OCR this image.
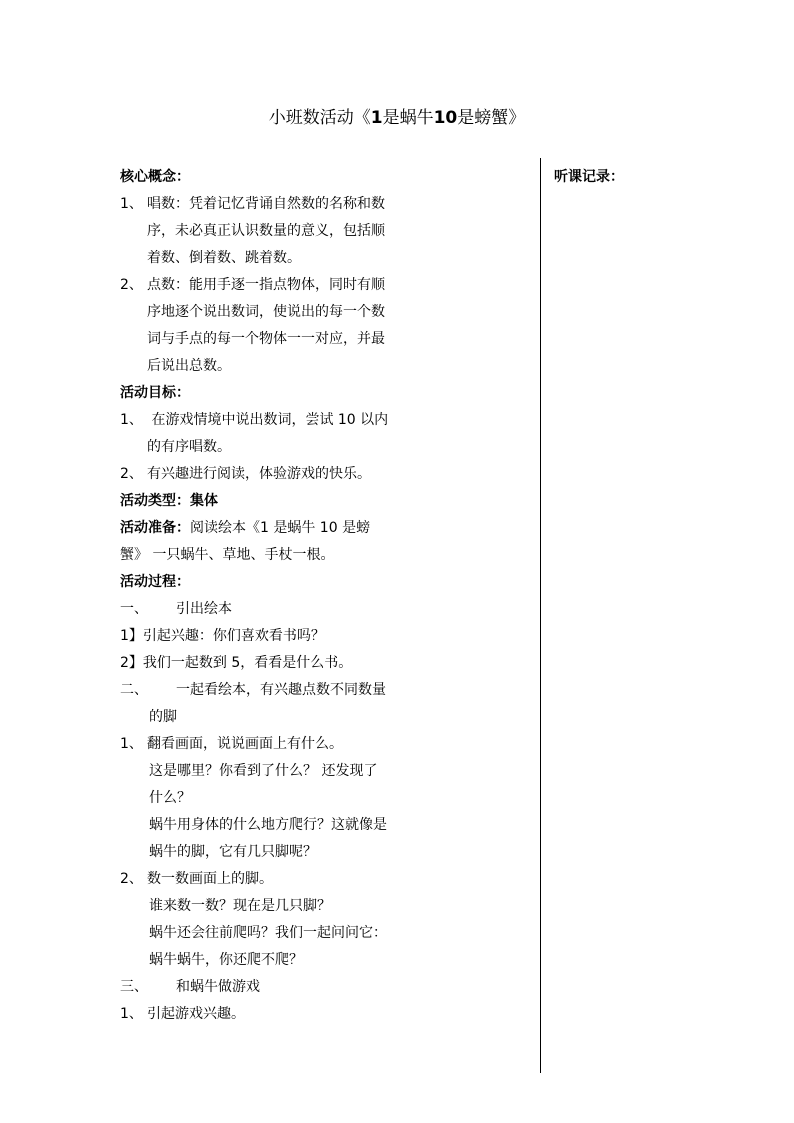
小班数活动《1是蜗牛10是螃蟹》
核心概念：
1、 唱数：凭着记忆背诵自然数的名称和数
序，未必真正认识数量的意义，包括顺
着数、倒着数、跳着数。
2、 点数：能用手逐一指点物体，同时有顺
序地逐个说出数词，使说出的每一个数
词与手点的每一个物体一一对应，并最
后说出总数。
活动目标：
1、 在游戏情境中说出数词，尝试 10 以内
的有序唱数。
2、 有兴趣进行阅读，体验游戏的快乐。
活动类型：集体
活动准备：阅读绘本《1 是蜗牛 10 是螃
蟹》 一只蜗牛、草地、手杖一根。
活动过程：
一、 引出绘本
1】引起兴趣：你们喜欢看书吗？
2】我们一起数到 5，看看是什么书。
二、 一起看绘本，有兴趣点数不同数量
的脚
1、 翻看画面，说说画面上有什么。
这是哪里？你看到了什么？ 还发现了
什么？
蜗牛用身体的什么地方爬行？这就像是
蜗牛的脚，它有几只脚呢？
2、 数一数画面上的脚。
谁来数一数？现在是几只脚？
蜗牛还会往前爬吗？我们一起问问它：
蜗牛蜗牛，你还爬不爬？
三、 和蜗牛做游戏
1、 引起游戏兴趣。
听课记录：
